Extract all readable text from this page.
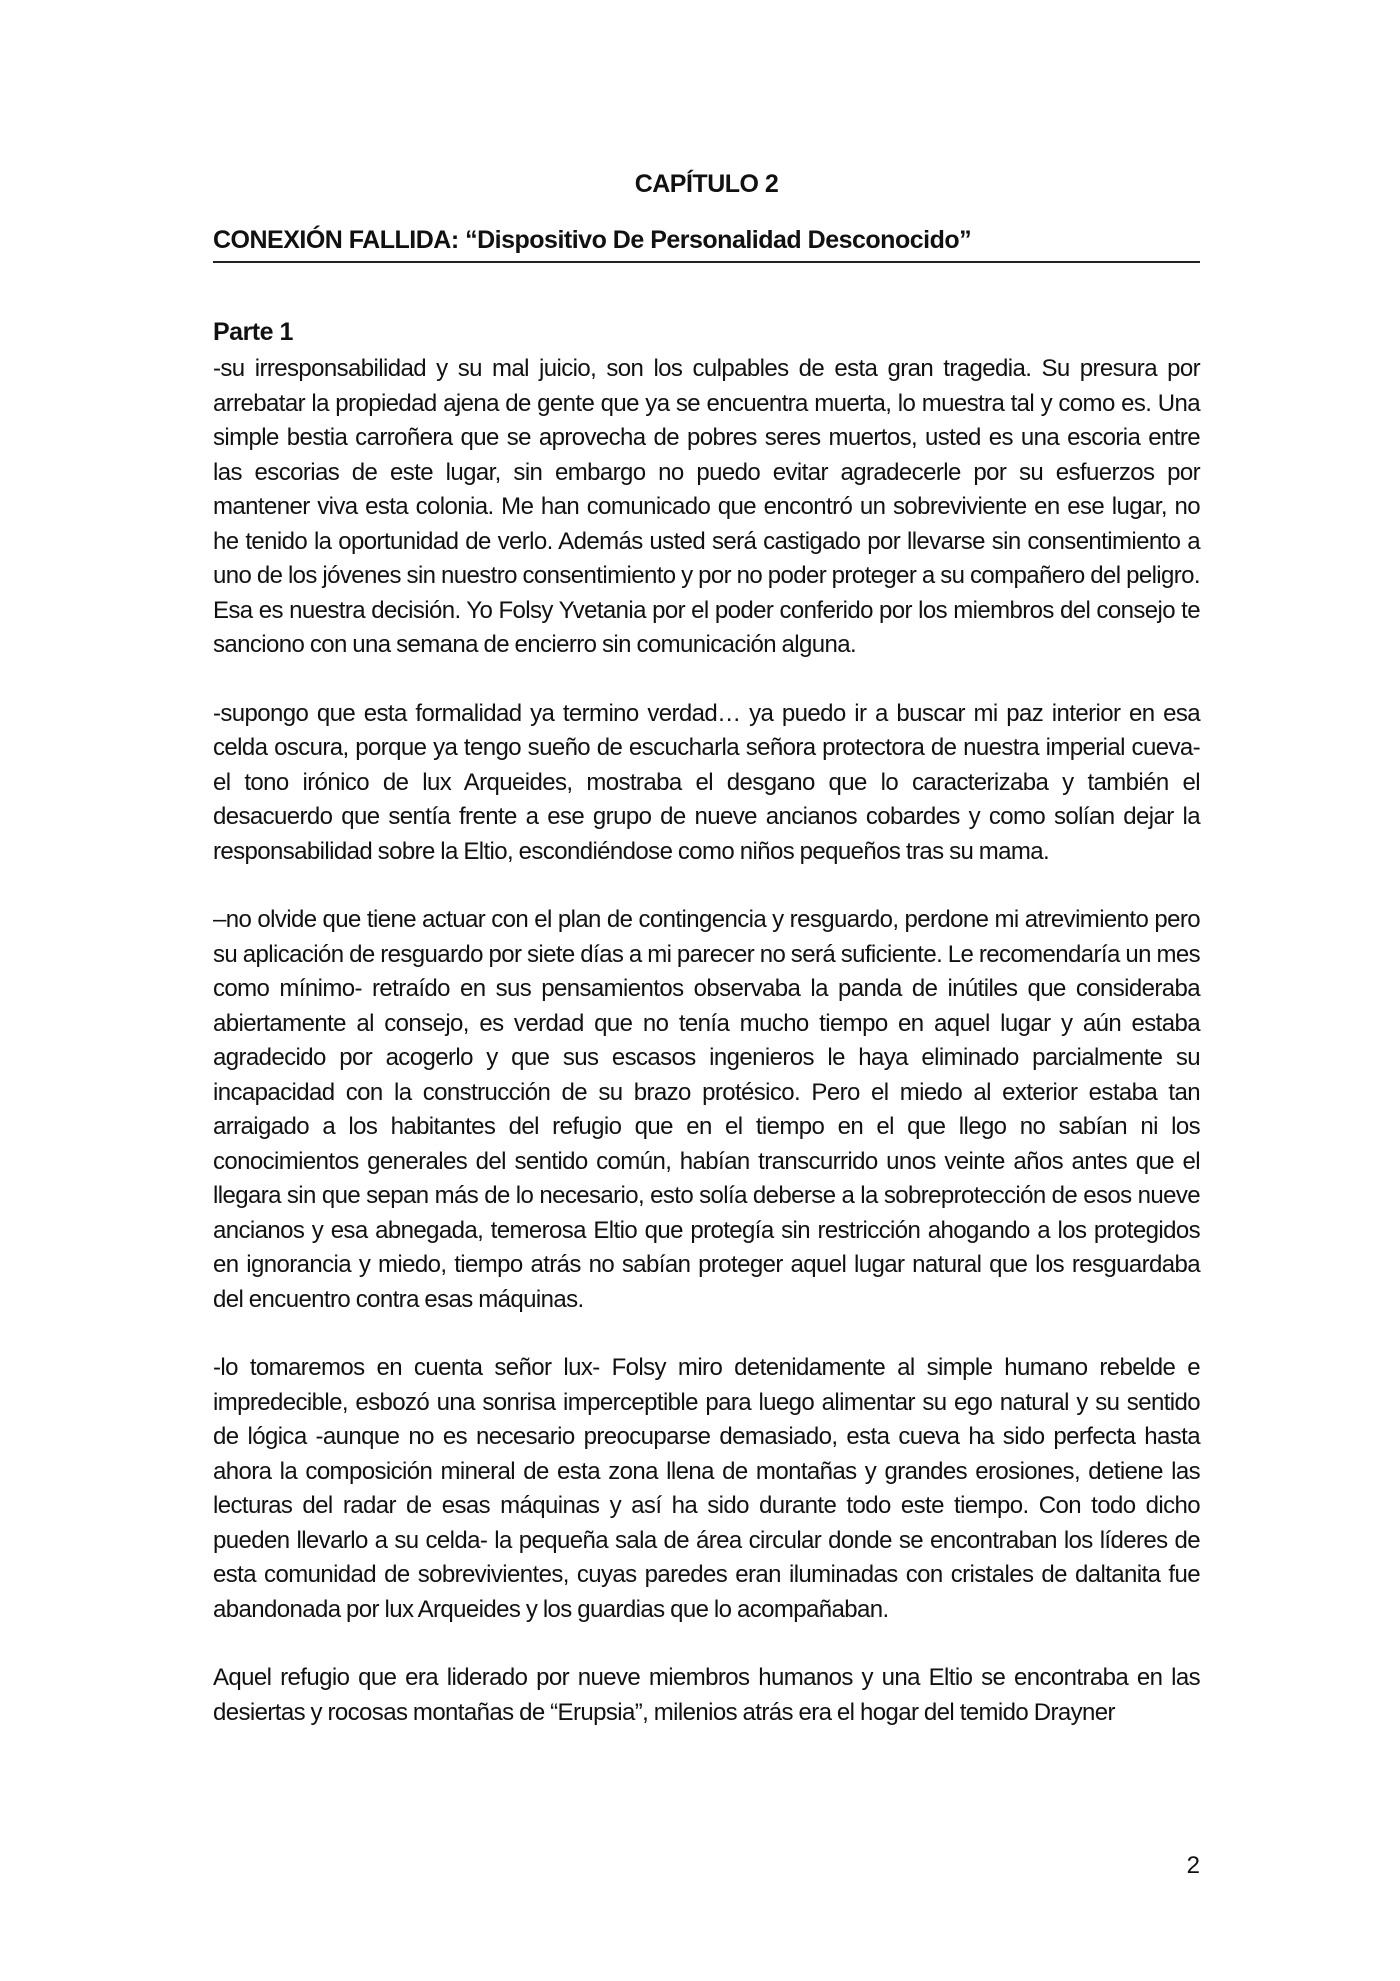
CAPÍTULO 2
CONEXIÓN FALLIDA: “Dispositivo De Personalidad Desconocido”
Parte 1

-su irresponsabilidad y su mal juicio, son los culpables de esta gran tragedia. Su presura por arrebatar la propiedad ajena de gente que ya se encuentra muerta, lo muestra tal y como es. Una simple bestia carroñera que se aprovecha de pobres seres muertos, usted es una escoria entre las escorias de este lugar, sin embargo no puedo evitar agradecerle por su esfuerzos por mantener viva esta colonia. Me han comunicado que encontró un sobreviviente en ese lugar, no he tenido la oportunidad de verlo. Además usted será castigado por llevarse sin consentimiento a uno de los jóvenes sin nuestro consentimiento y por no poder proteger a su compañero del peligro. Esa es nuestra decisión. Yo Folsy Yvetania por el poder conferido por los miembros del consejo te sanciono con una semana de encierro sin comunicación alguna.

-supongo que esta formalidad ya termino verdad… ya puedo ir a buscar mi paz interior en esa celda oscura, porque ya tengo sueño de escucharla señora protectora de nuestra imperial cueva- el tono irónico de lux Arqueides, mostraba el desgano que lo caracterizaba y también el desacuerdo que sentía frente a ese grupo de nueve ancianos cobardes y como solían dejar la responsabilidad sobre la Eltio, escondiéndose como niños pequeños tras su mama.

–no olvide que tiene actuar con el plan de contingencia y resguardo, perdone mi atrevimiento pero su aplicación de resguardo por siete días a mi parecer no será suficiente. Le recomendaría un mes como mínimo- retraído en sus pensamientos observaba la panda de inútiles que consideraba abiertamente al consejo, es verdad que no tenía mucho tiempo en aquel lugar y aún estaba agradecido por acogerlo y que sus escasos ingenieros le haya eliminado parcialmente su incapacidad con la construcción de su brazo protésico. Pero el miedo al exterior estaba tan arraigado a los habitantes del refugio que en el tiempo en el que llego no sabían ni los conocimientos generales del sentido común, habían transcurrido unos veinte años antes que el llegara sin que sepan más de lo necesario, esto solía deberse a la sobreprotección de esos nueve ancianos y esa abnegada, temerosa Eltio que protegía sin restricción ahogando a los protegidos en ignorancia y miedo, tiempo atrás no sabían proteger aquel lugar natural que los resguardaba del encuentro contra esas máquinas.

-lo tomaremos en cuenta señor lux- Folsy miro detenidamente al simple humano rebelde e impredecible, esbozó una sonrisa imperceptible para luego alimentar su ego natural y su sentido de lógica -aunque no es necesario preocuparse demasiado, esta cueva ha sido perfecta hasta ahora la composición mineral de esta zona llena de montañas y grandes erosiones, detiene las lecturas del radar de esas máquinas y así ha sido durante todo este tiempo. Con todo dicho pueden llevarlo a su celda- la pequeña sala de área circular donde se encontraban los líderes de esta comunidad de sobrevivientes, cuyas paredes eran iluminadas con cristales de daltanita fue abandonada por lux Arqueides y los guardias que lo acompañaban.

Aquel refugio que era liderado por nueve miembros humanos y una Eltio se encontraba en las desiertas y rocosas montañas de “Erupsia”, milenios atrás era el hogar del temido Drayner

2
